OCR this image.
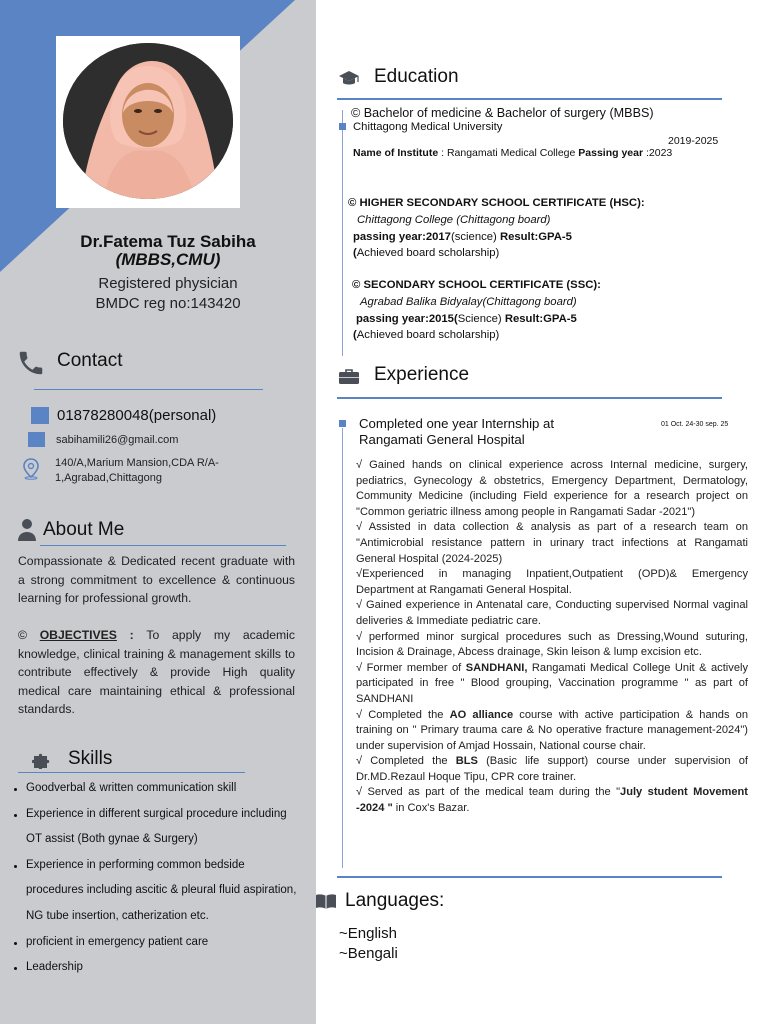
Dr.Fatema Tuz Sabiha
(MBBS,CMU)
Registered physician
BMDC reg no:143420
Contact
01878280048(personal)
sabihamili26@gmail.com
140/A,Marium Mansion,CDA R/A-
1,Agrabad,Chittagong
About Me
Compassionate & Dedicated recent graduate with a strong commitment to excellence & continuous learning for professional growth.
© OBJECTIVES : To apply my academic knowledge, clinical training & management skills to contribute effectively & provide High quality medical care maintaining ethical & professional standards.
Skills
Goodverbal & written communication skill
Experience in different surgical procedure including OT assist (Both gynae & Surgery)
Experience in performing common bedside procedures including ascitic & pleural fluid aspiration, NG tube insertion, catherization etc.
proficient in emergency patient care
Leadership
Education
© Bachelor of medicine & Bachelor of surgery (MBBS)
Chittagong Medical University
2019-2025
Name of Institute : Rangamati Medical College Passing year :2023
© HIGHER SECONDARY SCHOOL CERTIFICATE (HSC):
Chittagong College (Chittagong board)
passing year:2017(science) Result:GPA-5
(Achieved board scholarship)
© SECONDARY SCHOOL CERTIFICATE (SSC):
Agrabad Balika Bidyalay(Chittagong board)
passing year:2015(Science) Result:GPA-5
(Achieved board scholarship)
Experience
Completed one year Internship at
Rangamati General Hospital
01 Oct. 24-30 sep. 25

√ Gained hands on clinical experience across Internal medicine, surgery, pediatrics, Gynecology & obstetrics, Emergency Department, Dermatology, Community Medicine (including Field experience for a research project on "Common geriatric illness among people in Rangamati Sadar -2021")

√ Assisted in data collection & analysis as part of a research team on "Antimicrobial resistance pattern in urinary tract infections at Rangamati General Hospital (2024-2025)

√Experienced in managing Inpatient,Outpatient (OPD)& Emergency Department at Rangamati General Hospital.

√ Gained experience in Antenatal care, Conducting supervised Normal vaginal deliveries & Immediate pediatric care.

√ performed minor surgical procedures such as Dressing,Wound suturing, Incision & Drainage, Abcess drainage, Skin leison & lump excision etc.

√ Former member of SANDHANI, Rangamati Medical College Unit & actively participated in free " Blood grouping, Vaccination programme " as part of SANDHANI

√ Completed the AO alliance course with active participation & hands on training on " Primary trauma care & No operative fracture management-2024") under supervision of Amjad Hossain, National course chair.

√ Completed the BLS (Basic life support) course under supervision of Dr.MD.Rezaul Hoque Tipu, CPR core trainer.

√ Served as part of the medical team during the "July student Movement -2024 " in Cox's Bazar.

Languages:
~English
~Bengali
